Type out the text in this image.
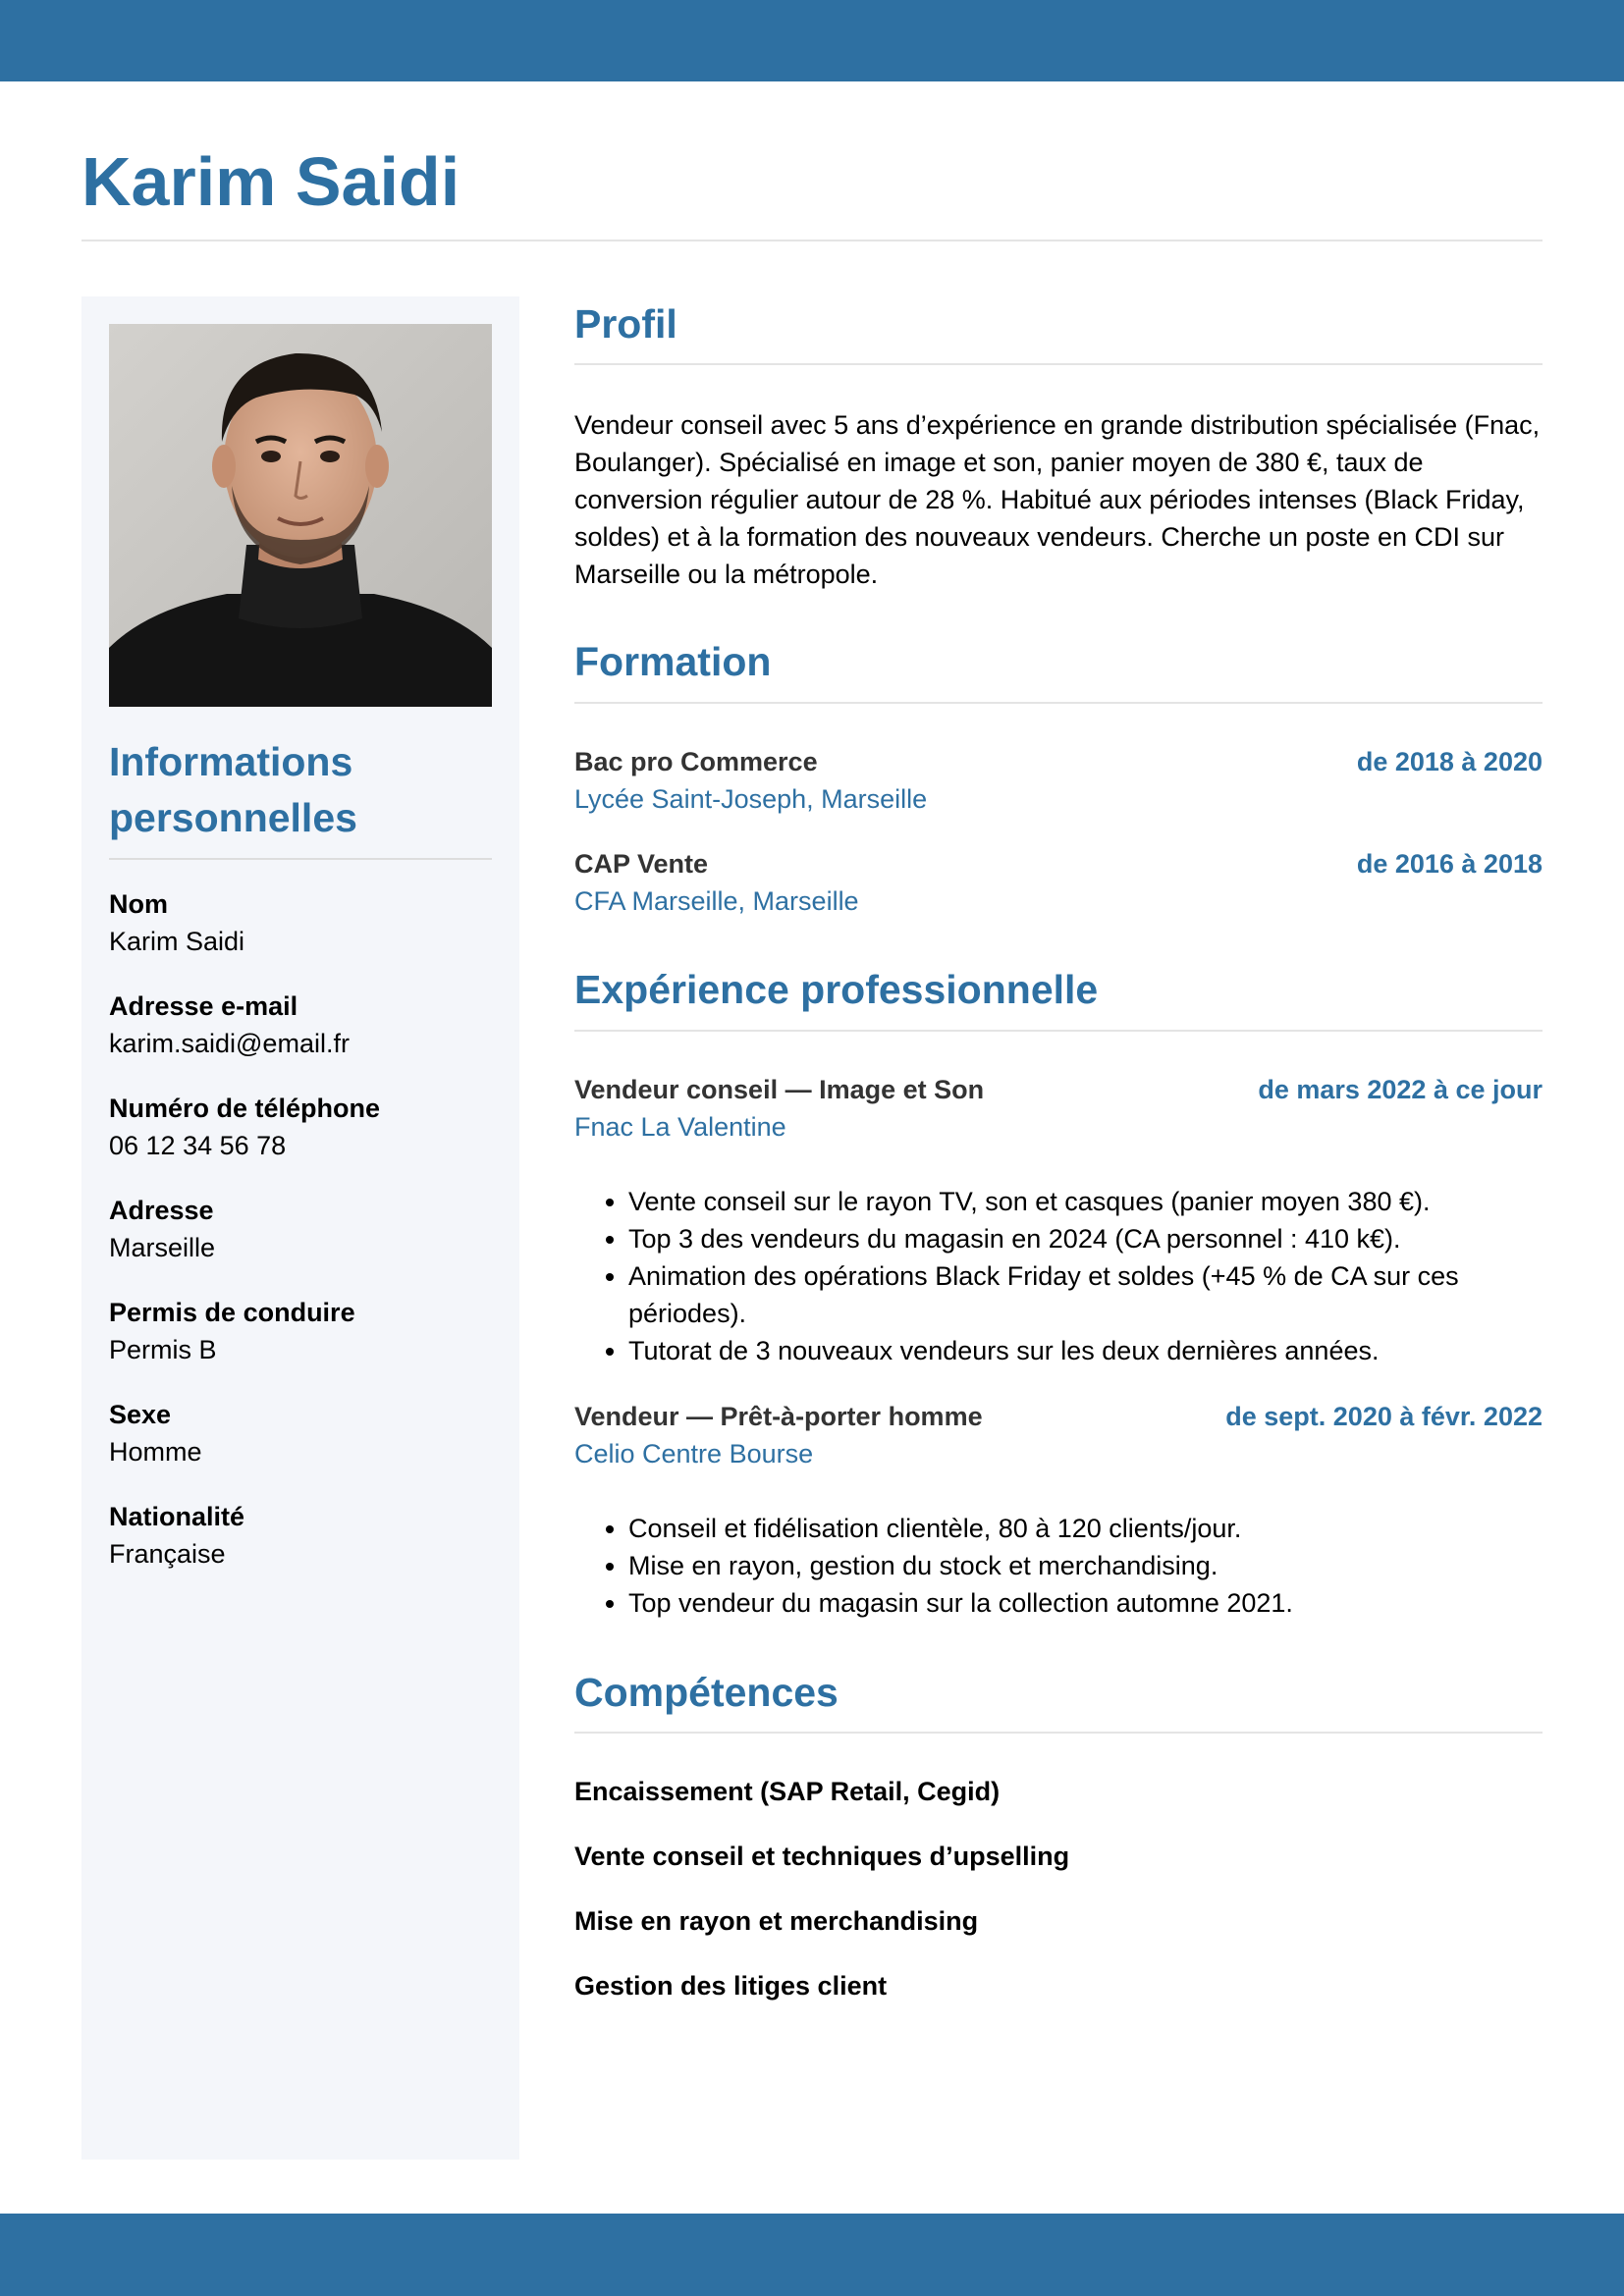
Karim Saidi
Informations personnelles
Nom
Karim Saidi
Adresse e-mail
karim.saidi@email.fr
Numéro de téléphone
06 12 34 56 78
Adresse
Marseille
Permis de conduire
Permis B
Sexe
Homme
Nationalité
Française
Profil

Vendeur conseil avec 5 ans d’expérience en grande distribution spécialisée (Fnac, Boulanger). Spécialisé en image et son, panier moyen de 380 €, taux de conversion régulier autour de 28 %. Habitué aux périodes intenses (Black Friday, soldes) et à la formation des nouveaux vendeurs. Cherche un poste en CDI sur Marseille ou la métropole.

Formation
Bac pro Commerce	de 2018 à 2020
Lycée Saint-Joseph, Marseille
CAP Vente	de 2016 à 2018
CFA Marseille, Marseille
Expérience professionnelle
Vendeur conseil — Image et Son	de mars 2022 à ce jour
Fnac La Valentine
• Vente conseil sur le rayon TV, son et casques (panier moyen 380 €).
• Top 3 des vendeurs du magasin en 2024 (CA personnel : 410 k€).
• Animation des opérations Black Friday et soldes (+45 % de CA sur ces périodes).
• Tutorat de 3 nouveaux vendeurs sur les deux dernières années.
Vendeur — Prêt-à-porter homme	de sept. 2020 à févr. 2022
Celio Centre Bourse
• Conseil et fidélisation clientèle, 80 à 120 clients/jour.
• Mise en rayon, gestion du stock et merchandising.
• Top vendeur du magasin sur la collection automne 2021.
Compétences
Encaissement (SAP Retail, Cegid)
Vente conseil et techniques d’upselling
Mise en rayon et merchandising
Gestion des litiges client
